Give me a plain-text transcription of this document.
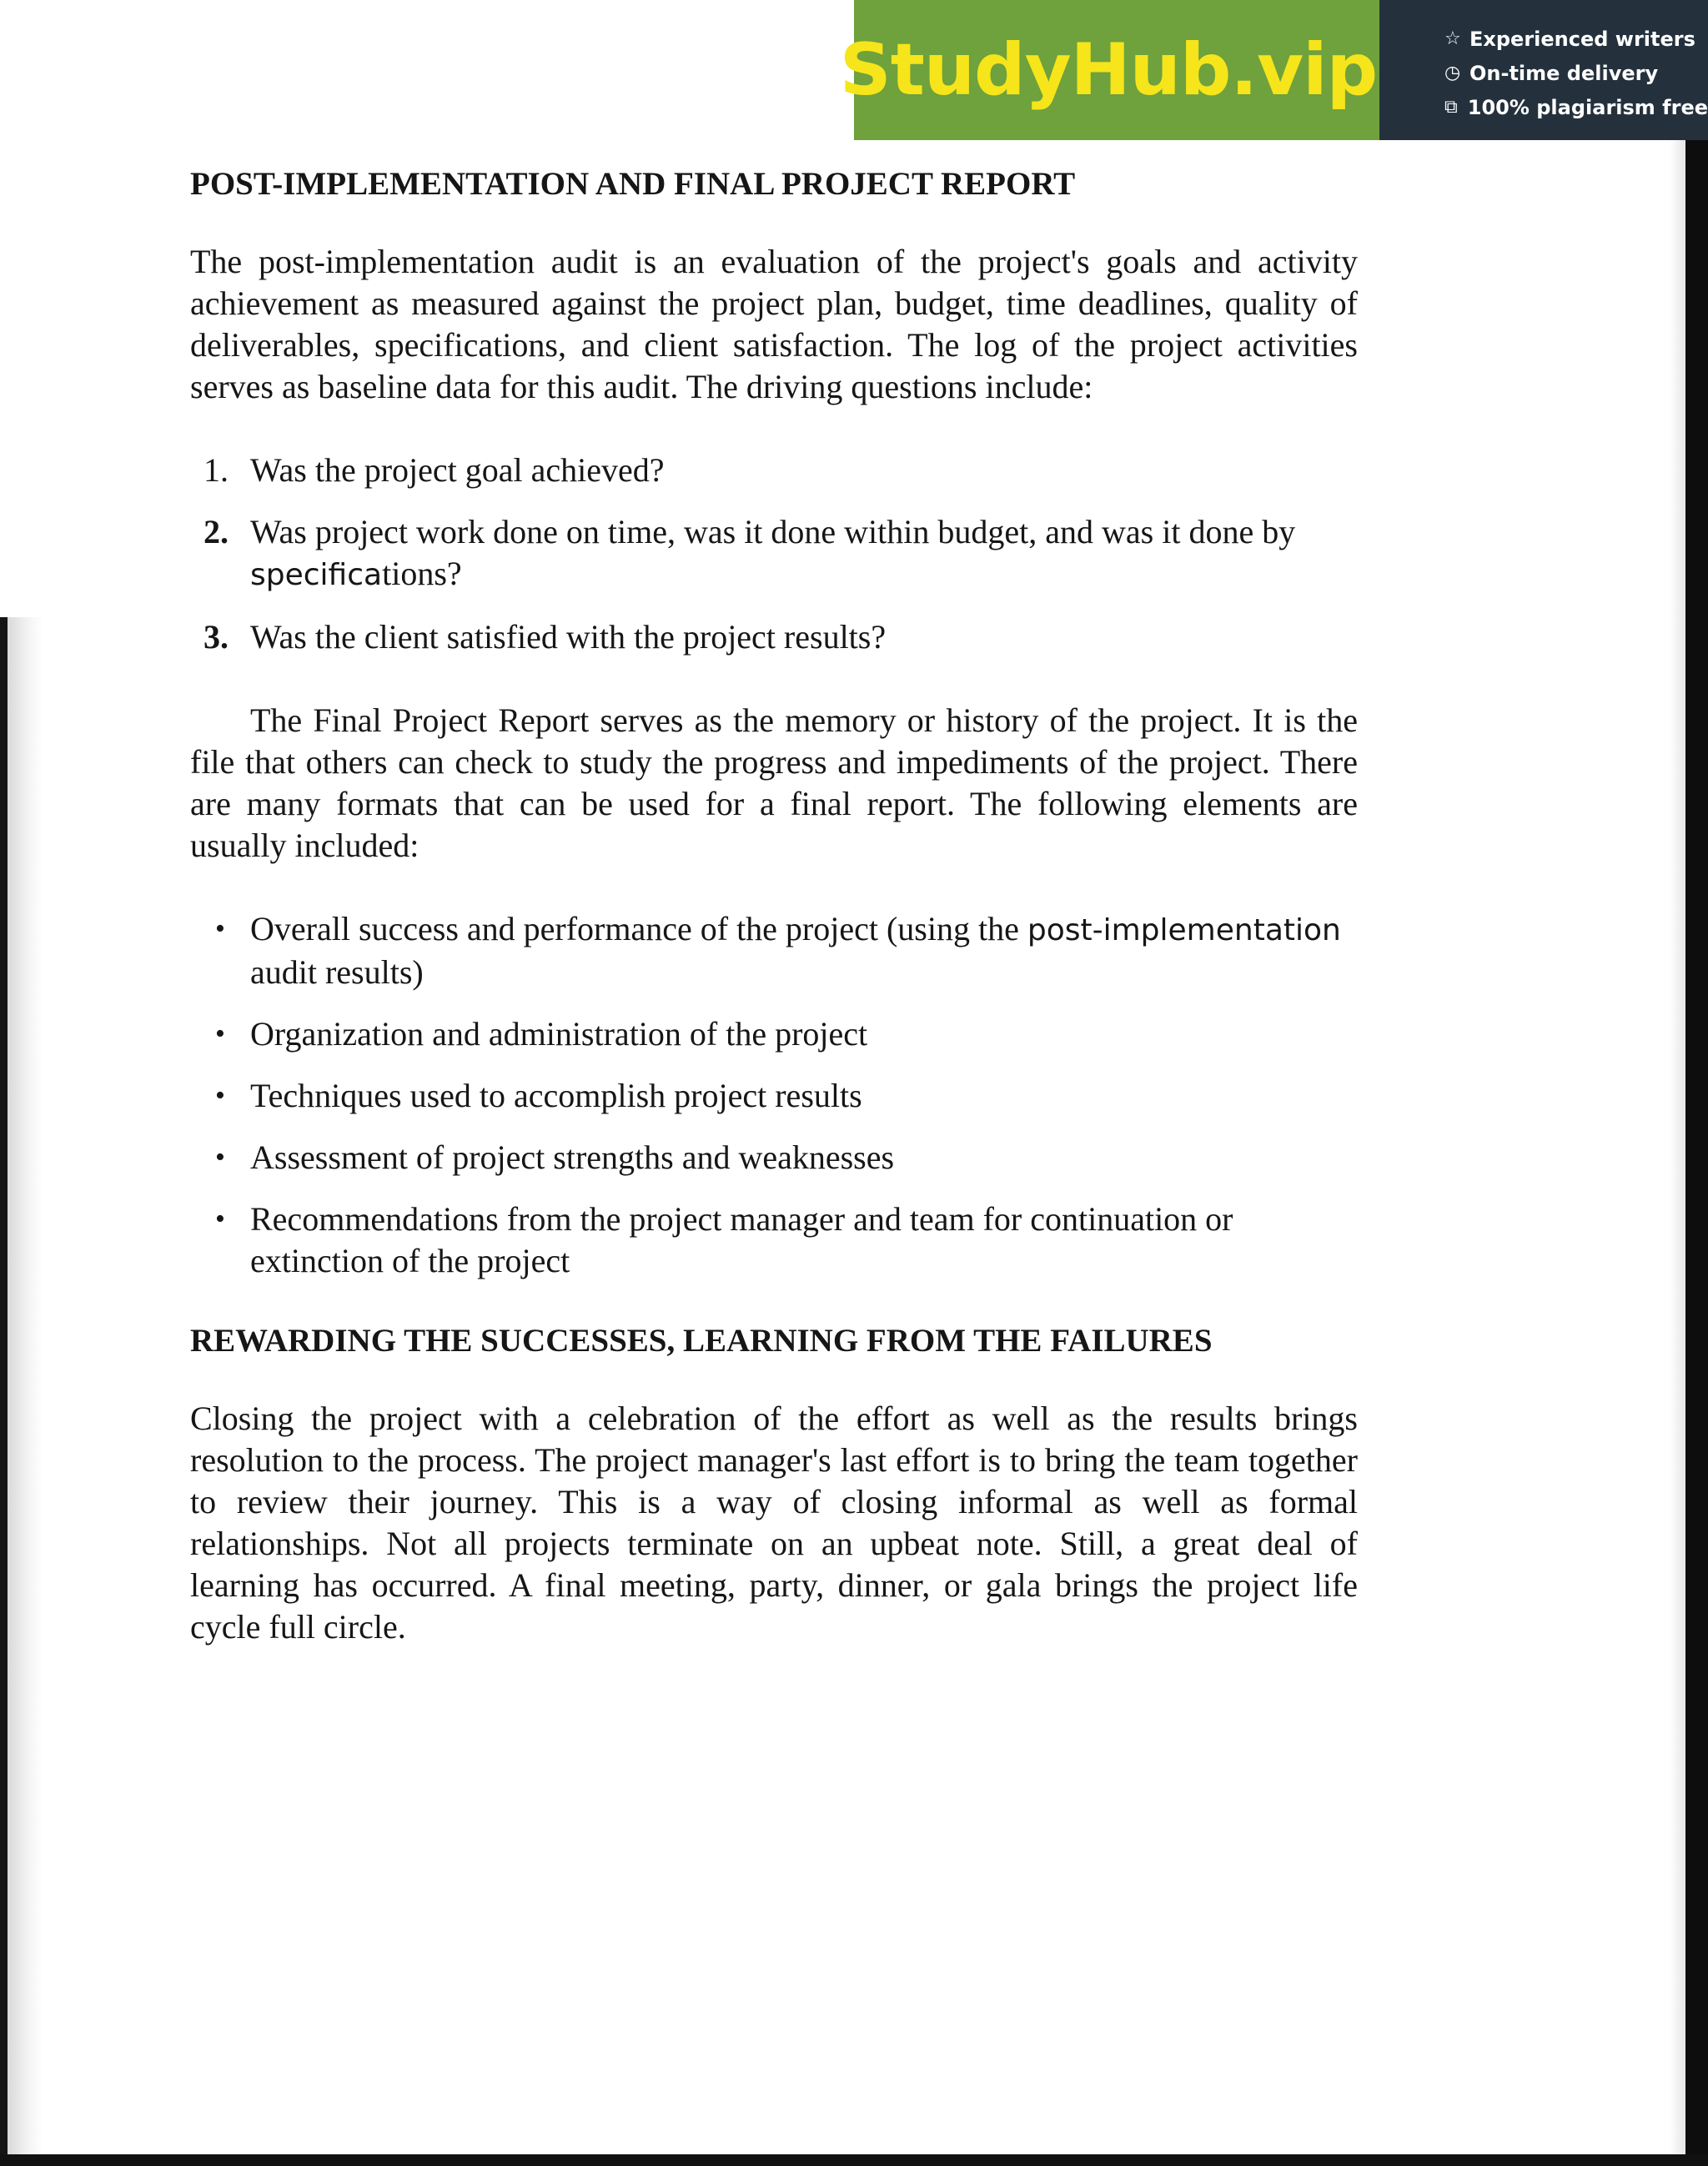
StudyHub.vip	☆ Experienced writers
◷ On-time delivery
⧉ 100% plagiarism free
POST-IMPLEMENTATION AND FINAL PROJECT REPORT

The post-implementation audit is an evaluation of the project's goals and activity achievement as measured against the project plan, budget, time deadlines, quality of deliverables, specifications, and client satisfaction. The log of the project activities serves as baseline data for this audit. The driving questions include:

1. Was the project goal achieved?
2. Was project work done on time, was it done within budget, and was it done by specifications?
3. Was the client satisfied with the project results?

The Final Project Report serves as the memory or history of the project. It is the file that others can check to study the progress and impediments of the project. There are many formats that can be used for a final report. The following elements are usually included:

• Overall success and performance of the project (using the post-implementation audit results)
• Organization and administration of the project
• Techniques used to accomplish project results
• Assessment of project strengths and weaknesses
• Recommendations from the project manager and team for continuation or extinction of the project
REWARDING THE SUCCESSES, LEARNING FROM THE FAILURES

Closing the project with a celebration of the effort as well as the results brings resolution to the process. The project manager's last effort is to bring the team together to review their journey. This is a way of closing informal as well as formal relationships. Not all projects terminate on an upbeat note. Still, a great deal of learning has occurred. A final meeting, party, dinner, or gala brings the project life cycle full circle.
